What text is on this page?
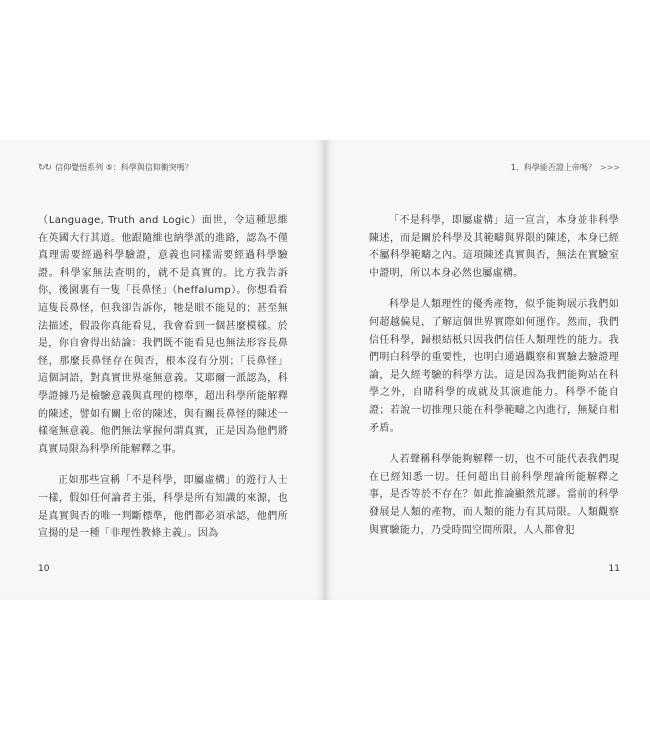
↻↻ 信仰覺悟系列 ⑤：科學與信仰衝突嗎？

（Language, Truth and Logic）面世，令這種思維在英國大行其道。他跟隨維也納學派的進路，認為不僅真理需要經過科學驗證，意義也同樣需要經過科學驗證。科學家無法查明的，就不是真實的。比方我告訴你，後園裏有一隻「長鼻怪」（heffalump）。你想看看這隻長鼻怪，但我卻告訴你，牠是眼不能見的；甚至無法描述，假設你真能看見，我會看到一個甚麼模樣。於是，你自會得出結論：我們既不能看見也無法形容長鼻怪，那麼長鼻怪存在與否，根本沒有分別；「長鼻怪」這個詞語，對真實世界毫無意義。艾耶爾一派認為，科學證據乃是檢驗意義與真理的標準，超出科學所能解釋的陳述，譬如有關上帝的陳述，與有關長鼻怪的陳述一樣毫無意義。他們無法掌握何謂真實，正是因為他們將真實局限為科學所能解釋之事。

正如那些宣稱「不是科學，即屬虛構」的遊行人士一樣，假如任何論者主張，科學是所有知識的來源，也是真實與否的唯一判斷標準，他們都必須承認，他們所宣揚的是一種「非理性教條主義」。因為

10
1．科學能否證上帝嗎？ >>>

「不是科學，即屬虛構」這一宣言，本身並非科學陳述，而是關於科學及其範疇與界限的陳述，本身已經不屬科學範疇之內。這項陳述真實與否，無法在實驗室中證明，所以本身必然也屬虛構。

科學是人類理性的優秀產物，似乎能夠展示我們如何超越偏見，了解這個世界實際如何運作。然而，我們信任科學，歸根結柢只因我們信任人類理性的能力。我們明白科學的重要性，也明白通過觀察和實驗去驗證理論，是久經考驗的科學方法。這是因為我們能夠站在科學之外，自睹科學的成就及其演進能力。科學不能自證；若說一切推理只能在科學範疇之內進行，無疑自相矛盾。

人若聲稱科學能夠解釋一切，也不可能代表我們現在已經知悉一切。任何超出目前科學理論所能解釋之事，是否等於不存在？如此推論顯然荒謬。當前的科學發展是人類的產物，而人類的能力有其局限。人類觀察與實驗能力，乃受時間空間所限，人人都會犯

11
